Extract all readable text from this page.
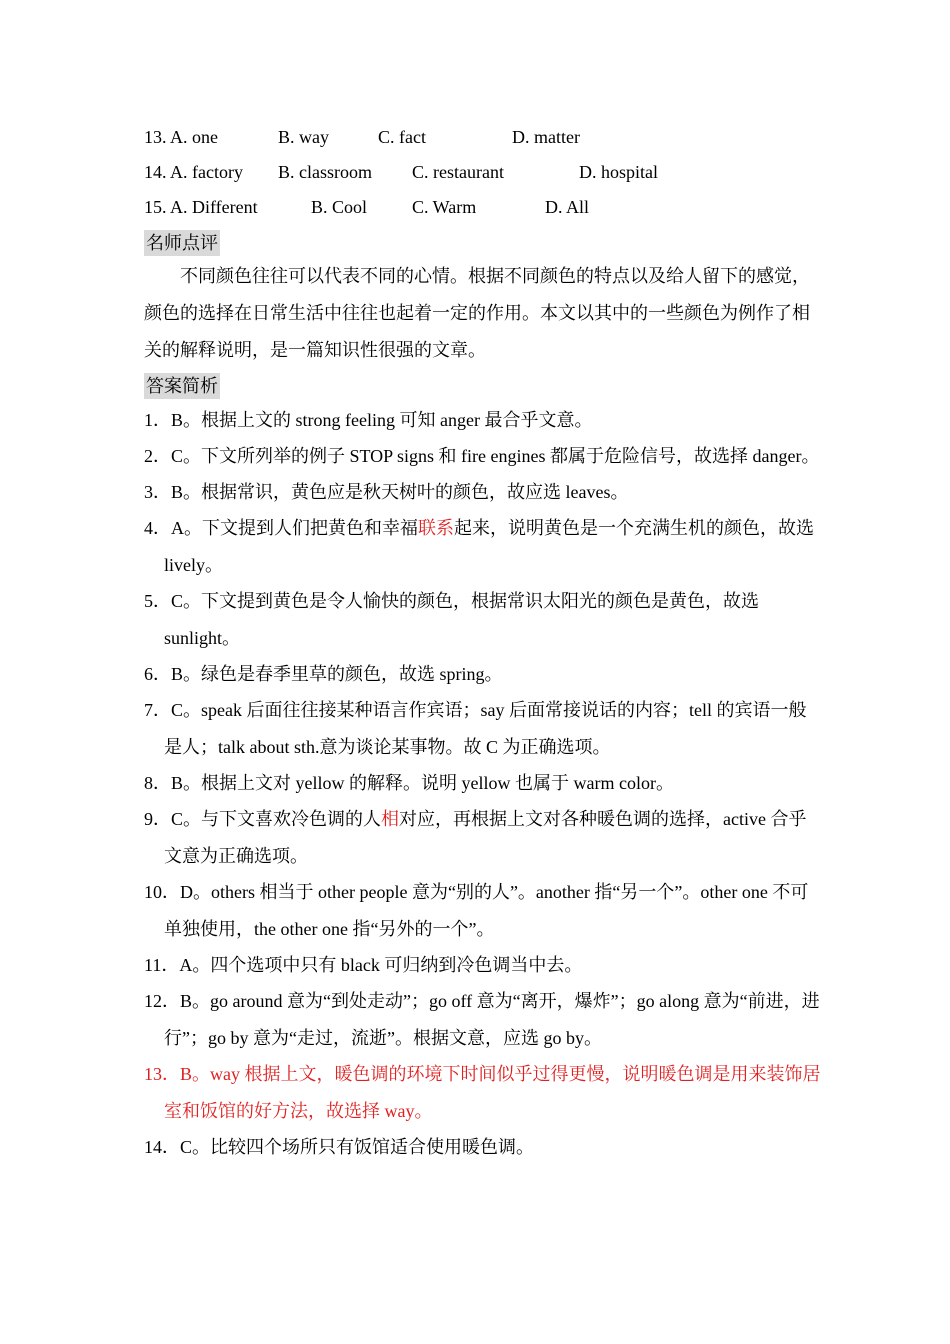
13. A. one	B. way	C. fact	D. matter
14. A. factory B. classroom C. restaurant	D. hospital
15. A. Different	B. Cool C. Warm	D. All
名师点评

不同颜色往往可以代表不同的心情。根据不同颜色的特点以及给人留下的感觉，颜色的选择在日常生活中往往也起着一定的作用。本文以其中的一些颜色为例作了相关的解释说明，是一篇知识性很强的文章。

答案简析
1．B。根据上文的 strong feeling 可知 anger 最合乎文意。
2．C。下文所列举的例子 STOP signs 和 fire engines 都属于危险信号，故选择 danger。
3．B。根据常识，黄色应是秋天树叶的颜色，故应选 leaves。
4．A。下文提到人们把黄色和幸福联系起来，说明黄色是一个充满生机的颜色，故选 lively。
5．C。下文提到黄色是令人愉快的颜色，根据常识太阳光的颜色是黄色，故选 sunlight。
6．B。绿色是春季里草的颜色，故选 spring。
7．C。speak 后面往往接某种语言作宾语；say 后面常接说话的内容；tell 的宾语一般是人；talk about sth.意为谈论某事物。故 C 为正确选项。
8．B。根据上文对 yellow 的解释。说明 yellow 也属于 warm color。
9．C。与下文喜欢冷色调的人相对应，再根据上文对各种暖色调的选择，active 合乎文意为正确选项。
10．D。others 相当于 other people 意为“别的人”。another 指“另一个”。other one 不可单独使用，the other one 指“另外的一个”。
11．A。四个选项中只有 black 可归纳到冷色调当中去。
12．B。go around 意为“到处走动”；go off 意为“离开，爆炸”；go along 意为“前进，进行”；go by 意为“走过，流逝”。根据文意，应选 go by。
13．B。way 根据上文，暖色调的环境下时间似乎过得更慢，说明暖色调是用来装饰居室和饭馆的好方法，故选择 way。
14．C。比较四个场所只有饭馆适合使用暖色调。
